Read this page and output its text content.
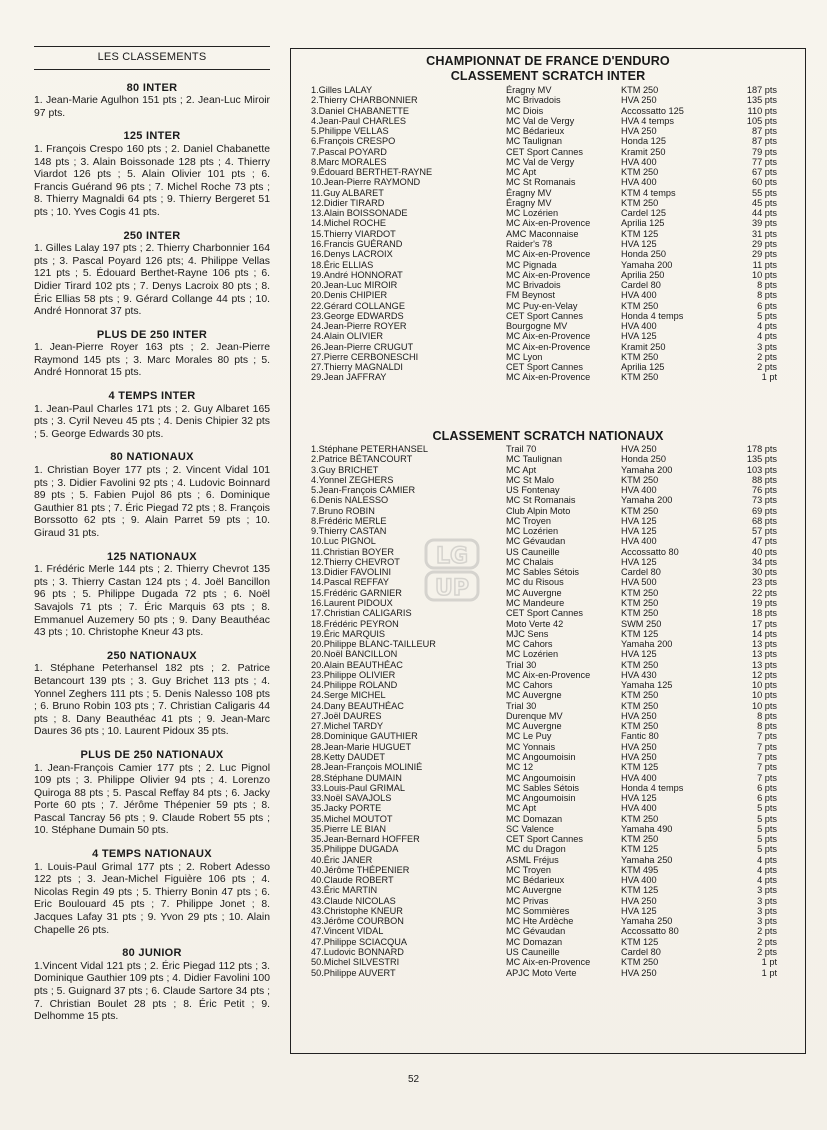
LES CLASSEMENTS
80 INTER
1. Jean-Marie Agulhon 151 pts ; 2. Jean-Luc Miroir 97 pts.
125 INTER
1. François Crespo 160 pts ; 2. Daniel Chabanette 148 pts ; 3. Alain Boissonade 128 pts ; 4. Thierry Viardot 126 pts ; 5. Alain Olivier 101 pts ; 6. Francis Guérand 96 pts ; 7. Michel Roche 73 pts ; 8. Thierry Magnaldi 64 pts ; 9. Thierry Bergeret 51 pts ; 10. Yves Cogis 41 pts.
250 INTER
1. Gilles Lalay 197 pts ; 2. Thierry Charbonnier 164 pts ; 3. Pascal Poyard 126 pts; 4. Philippe Vellas 121 pts ; 5. Édouard Berthet-Rayne 106 pts ; 6. Didier Tirard 102 pts ; 7. Denys Lacroix 80 pts ; 8. Éric Ellias 58 pts ; 9. Gérard Collange 44 pts ; 10. André Honnorat 37 pts.
PLUS DE 250 INTER
1. Jean-Pierre Royer 163 pts ; 2. Jean-Pierre Raymond 145 pts ; 3. Marc Morales 80 pts ; 5. André Honnorat 15 pts.
4 TEMPS INTER
1. Jean-Paul Charles 171 pts ; 2. Guy Albaret 165 pts ; 3. Cyril Neveu 45 pts ; 4. Denis Chipier 32 pts ; 5. George Edwards 30 pts.
80 NATIONAUX
1. Christian Boyer 177 pts ; 2. Vincent Vidal 101 pts ; 3. Didier Favolini 92 pts ; 4. Ludovic Boinnard 89 pts ; 5. Fabien Pujol 86 pts ; 6. Dominique Gauthier 81 pts ; 7. Éric Piegad 72 pts ; 8. François Borssotto 62 pts ; 9. Alain Parret 59 pts ; 10. Giraud 31 pts.
125 NATIONAUX
1. Frédéric Merle 144 pts ; 2. Thierry Chevrot 135 pts ; 3. Thierry Castan 124 pts ; 4. Joël Bancillon 96 pts ; 5. Philippe Dugada 72 pts ; 6. Noël Savajols 71 pts ; 7. Éric Marquis 63 pts ; 8. Emmanuel Auzemery 50 pts ; 9. Dany Beauthéac 43 pts ; 10. Christophe Kneur 43 pts.
250 NATIONAUX
1. Stéphane Peterhansel 182 pts ; 2. Patrice Betancourt 139 pts ; 3. Guy Brichet 113 pts ; 4. Yonnel Zeghers 111 pts ; 5. Denis Nalesso 108 pts ; 6. Bruno Robin 103 pts ; 7. Christian Caligaris 44 pts ; 8. Dany Beauthéac 41 pts ; 9. Jean-Marc Daures 36 pts ; 10. Laurent Pidoux 35 pts.
PLUS DE 250 NATIONAUX
1. Jean-François Camier 177 pts ; 2. Luc Pignol 109 pts ; 3. Philippe Olivier 94 pts ; 4. Lorenzo Quiroga 88 pts ; 5. Pascal Reffay 84 pts ; 6. Jacky Porte 60 pts ; 7. Jérôme Thépenier 59 pts ; 8. Pascal Tancray 56 pts ; 9. Claude Robert 55 pts ; 10. Stéphane Dumain 50 pts.
4 TEMPS NATIONAUX
1. Louis-Paul Grimal 177 pts ; 2. Robert Adesso 122 pts ; 3. Jean-Michel Figuière 106 pts ; 4. Nicolas Regin 49 pts ; 5. Thierry Bonin 47 pts ; 6. Eric Boulouard 45 pts ; 7. Philippe Jonet ; 8. Jacques Lafay 31 pts ; 9. Yvon 29 pts ; 10. Alain Chapelle 26 pts.
80 JUNIOR
1.Vincent Vidal 121 pts ; 2. Éric Piegad 112 pts ; 3. Dominique Gauthier 109 pts ; 4. Didier Favolini 100 pts ; 5. Guignard 37 pts ; 6. Claude Sartore 34 pts ; 7. Christian Boulet 28 pts ; 8. Éric Petit ; 9. Delhomme 15 pts.
CHAMPIONNAT DE FRANCE D'ENDURO
CLASSEMENT SCRATCH INTER
1.Gilles LALAY	Éragny MV	KTM 250	187 pts
2.Thierry CHARBONNIER	MC Brivadois	HVA 250	135 pts
3.Daniel CHABANETTE	MC Diois	Accossatto 125	110 pts
4.Jean-Paul CHARLES	MC Val de Vergy	HVA 4 temps	105 pts
5.Philippe VELLAS	MC Bédarieux	HVA 250	87 pts
6.François CRESPO	MC Taulignan	Honda 125	87 pts
7.Pascal POYARD	CET Sport Cannes	Kramit 250	79 pts
8.Marc MORALES	MC Val de Vergy	HVA 400	77 pts
9.Édouard BERTHET-RAYNE	MC Apt	KTM 250	67 pts
10.Jean-Pierre RAYMOND	MC St Romanais	HVA 400	60 pts
11.Guy ALBARET	Éragny MV	KTM 4 temps	55 pts
12.Didier TIRARD	Éragny MV	KTM 250	45 pts
13.Alain BOISSONADE	MC Lozérien	Cardel 125	44 pts
14.Michel ROCHE	MC Aix-en-Provence	Aprilia 125	39 pts
15.Thierry VIARDOT	AMC Maconnaise	KTM 125	31 pts
16.Francis GUÉRAND	Raider's 78	HVA 125	29 pts
16.Denys LACROIX	MC Aix-en-Provence	Honda 250	29 pts
18.Éric ELLIAS	MC Pignada	Yamaha 200	11 pts
19.André HONNORAT	MC Aix-en-Provence	Aprilia 250	10 pts
20.Jean-Luc MIROIR	MC Brivadois	Cardel 80	8 pts
20.Denis CHIPIER	FM Beynost	HVA 400	8 pts
22.Gérard COLLANGE	MC Puy-en-Velay	KTM 250	6 pts
23.George EDWARDS	CET Sport Cannes	Honda 4 temps	5 pts
24.Jean-Pierre ROYER	Bourgogne MV	HVA 400	4 pts
24.Alain OLIVIER	MC Aix-en-Provence	HVA 125	4 pts
26.Jean-Pierre CRUGUT	MC Aix-en-Provence	Kramit 250	3 pts
27.Pierre CERBONESCHI	MC Lyon	KTM 250	2 pts
27.Thierry MAGNALDI	CET Sport Cannes	Aprilia 125	2 pts
29.Jean JAFFRAY	MC Aix-en-Provence	KTM 250	1 pt
CLASSEMENT SCRATCH NATIONAUX
1.Stéphane PETERHANSEL	Trail 70	HVA 250	178 pts
2.Patrice BÉTANCOURT	MC Taulignan	Honda 250	135 pts
3.Guy BRICHET	MC Apt	Yamaha 200	103 pts
4.Yonnel ZEGHERS	MC St Malo	KTM 250	88 pts
5.Jean-François CAMIER	US Fontenay	HVA 400	76 pts
6.Denis NALESSO	MC St Romanais	Yamaha 200	73 pts
7.Bruno ROBIN	Club Alpin Moto	KTM 250	69 pts
8.Frédéric MERLE	MC Troyen	HVA 125	68 pts
9.Thierry CASTAN	MC Lozérien	HVA 125	57 pts
10.Luc PIGNOL	MC Gévaudan	HVA 400	47 pts
11.Christian BOYER	US Cauneille	Accossatto 80	40 pts
12.Thierry CHEVROT	MC Chalais	HVA 125	34 pts
13.Didier FAVOLINI	MC Sables Sétois	Cardel 80	30 pts
14.Pascal REFFAY	MC du Risous	HVA 500	23 pts
15.Frédéric GARNIER	MC Auvergne	KTM 250	22 pts
16.Laurent PIDOUX	MC Mandeure	KTM 250	19 pts
17.Christian CALIGARIS	CET Sport Cannes	KTM 250	18 pts
18.Frédéric PEYRON	Moto Verte 42	SWM 250	17 pts
19.Éric MARQUIS	MJC Sens	KTM 125	14 pts
20.Philippe BLANC-TAILLEUR	MC Cahors	Yamaha 200	13 pts
20.Noël BANCILLON	MC Lozérien	HVA 125	13 pts
20.Alain BEAUTHÉAC	Trial 30	KTM 250	13 pts
23.Philippe OLIVIER	MC Aix-en-Provence	HVA 430	12 pts
24.Philippe ROLAND	MC Cahors	Yamaha 125	10 pts
24.Serge MICHEL	MC Auvergne	KTM 250	10 pts
24.Dany BEAUTHÉAC	Trial 30	KTM 250	10 pts
27.Joël DAURES	Durenque MV	HVA 250	8 pts
27.Michel TARDY	MC Auvergne	KTM 250	8 pts
28.Dominique GAUTHIER	MC Le Puy	Fantic 80	7 pts
28.Jean-Marie HUGUET	MC Yonnais	HVA 250	7 pts
28.Ketty DAUDET	MC Angoumoisin	HVA 250	7 pts
28.Jean-François MOLINIÉ	MC 12	KTM 125	7 pts
28.Stéphane DUMAIN	MC Angoumoisin	HVA 400	7 pts
33.Louis-Paul GRIMAL	MC Sables Sétois	Honda 4 temps	6 pts
33.Noël SAVAJOLS	MC Angoumoisin	HVA 125	6 pts
35.Jacky PORTE	MC Apt	HVA 400	5 pts
35.Michel MOUTOT	MC Domazan	KTM 250	5 pts
35.Pierre LE BIAN	SC Valence	Yamaha 490	5 pts
35.Jean-Bernard HOFFER	CET Sport Cannes	KTM 250	5 pts
35.Philippe DUGADA	MC du Dragon	KTM 125	5 pts
40.Éric JANER	ASML Fréjus	Yamaha 250	4 pts
40.Jérôme THÉPENIER	MC Troyen	KTM 495	4 pts
40.Claude ROBERT	MC Bédarieux	HVA 400	4 pts
43.Éric MARTIN	MC Auvergne	KTM 125	3 pts
43.Claude NICOLAS	MC Privas	HVA 250	3 pts
43.Christophe KNEUR	MC Sommières	HVA 125	3 pts
43.Jérôme COURBON	MC Hte Ardèche	Yamaha 250	3 pts
47.Vincent VIDAL	MC Gévaudan	Accossatto 80	2 pts
47.Philippe SCIACQUA	MC Domazan	KTM 125	2 pts
47.Ludovic BONNARD	US Cauneille	Cardel 80	2 pts
50.Michel SILVESTRI	MC Aix-en-Provence	KTM 250	1 pt
50.Philippe AUVERT	APJC Moto Verte	HVA 250	1 pt
LG
UP
52
